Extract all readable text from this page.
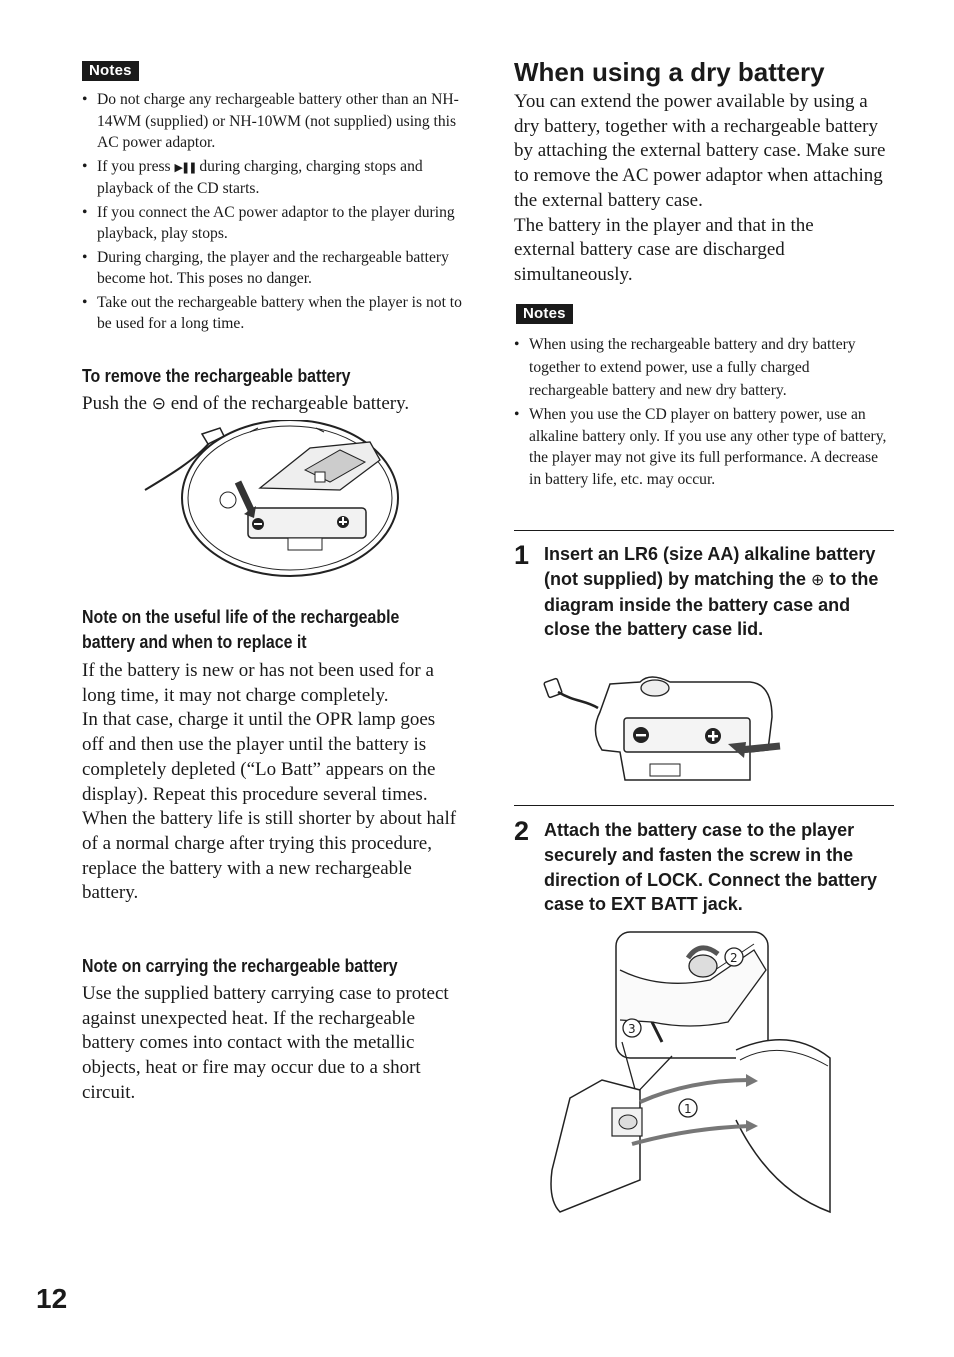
Notes
• Do not charge any rechargeable battery other than an NH-14WM (supplied) or NH-10WM (not supplied) using this AC power adaptor.
• If you press ▶❚❚ during charging, charging stops and playback of the CD starts.
• If you connect the AC power adaptor to the player during playback, play stops.
• During charging, the player and the rechargeable battery become hot. This poses no danger.
• Take out the rechargeable battery when the player is not to be used for a long time.

To remove the rechargeable battery

Push the ⊝ end of the rechargeable battery.

Note on the useful life of the rechargeable

battery and when to replace it

If the battery is new or has not been used for a long time, it may not charge completely.

In that case, charge it until the OPR lamp goes off and then use the player until the battery is completely depleted (“Lo Batt” appears on the display). Repeat this procedure several times.

When the battery life is still shorter by about half of a normal charge after trying this procedure, replace the battery with a new rechargeable battery.

Note on carrying the rechargeable battery

Use the supplied battery carrying case to protect against unexpected heat. If the rechargeable battery comes into contact with the metallic objects, heat or fire may occur due to a short circuit.

When using a dry battery

You can extend the power available by using a dry battery, together with a rechargeable battery by attaching the external battery case. Make sure to remove the AC power adaptor when attaching the external battery case.

The battery in the player and that in the external battery case are discharged simultaneously.

Notes
• When using the rechargeable battery and dry battery together to extend power, use a fully charged rechargeable battery and new dry battery.
• When you use the CD player on battery power, use an alkaline battery only. If you use any other type of battery, the player may not give its full performance. A decrease in battery life, etc. may occur.
1 Insert an LR6 (size AA) alkaline battery (not supplied) by matching the ⊕ to the diagram inside the battery case and close the battery case lid.

2 Attach the battery case to the player securely and fasten the screw in the direction of LOCK. Connect the battery case to EXT BATT jack.

2
3
1
12
